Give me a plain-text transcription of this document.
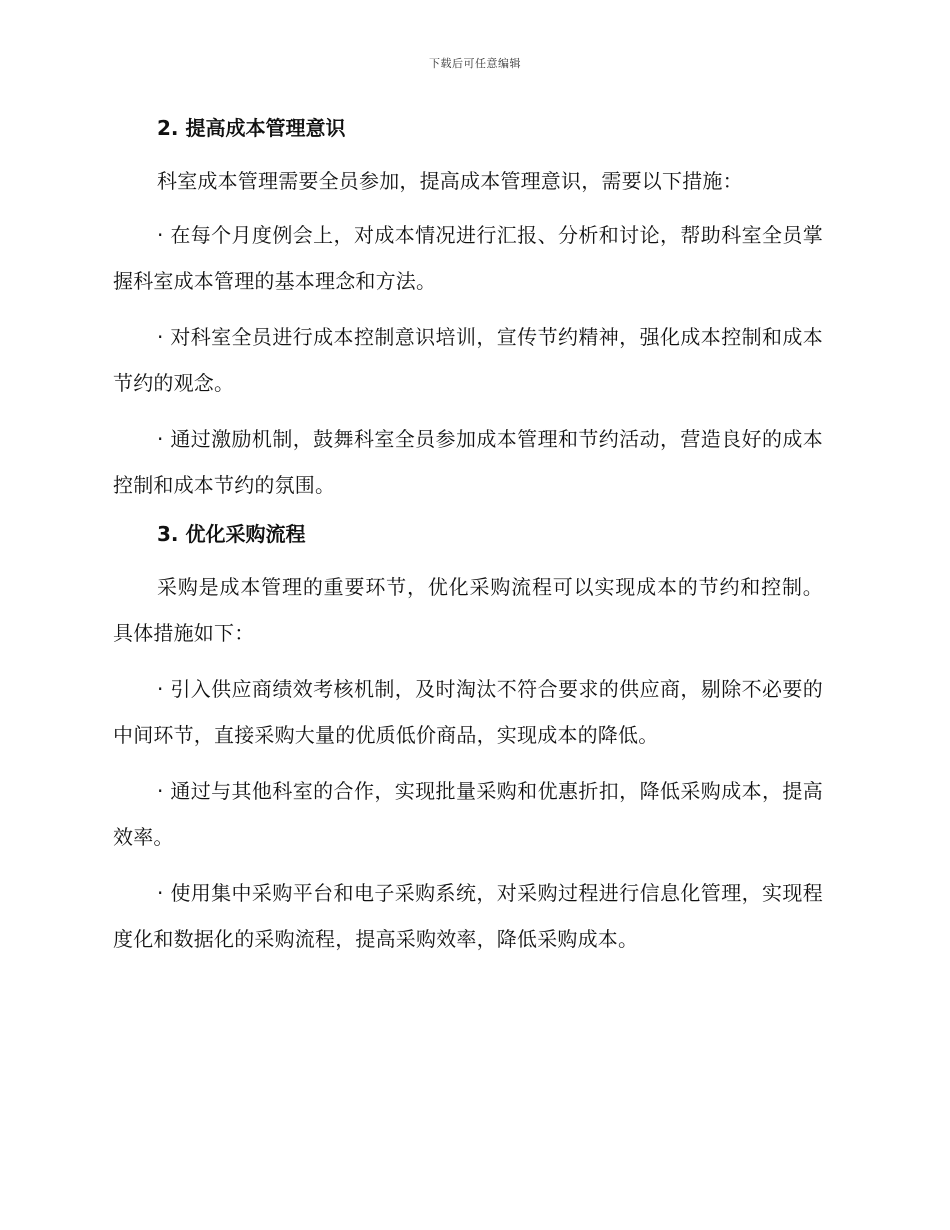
下载后可任意编辑
2. 提高成本管理意识

科室成本管理需要全员参加，提高成本管理意识，需要以下措施：

· 在每个月度例会上，对成本情况进行汇报、分析和讨论，帮助科室全员掌握科室成本管理的基本理念和方法。

· 对科室全员进行成本控制意识培训，宣传节约精神，强化成本控制和成本节约的观念。

· 通过激励机制，鼓舞科室全员参加成本管理和节约活动，营造良好的成本控制和成本节约的氛围。

3. 优化采购流程

采购是成本管理的重要环节，优化采购流程可以实现成本的节约和控制。具体措施如下：

· 引入供应商绩效考核机制，及时淘汰不符合要求的供应商，剔除不必要的中间环节，直接采购大量的优质低价商品，实现成本的降低。

· 通过与其他科室的合作，实现批量采购和优惠折扣，降低采购成本，提高效率。

· 使用集中采购平台和电子采购系统，对采购过程进行信息化管理，实现程度化和数据化的采购流程，提高采购效率，降低采购成本。
